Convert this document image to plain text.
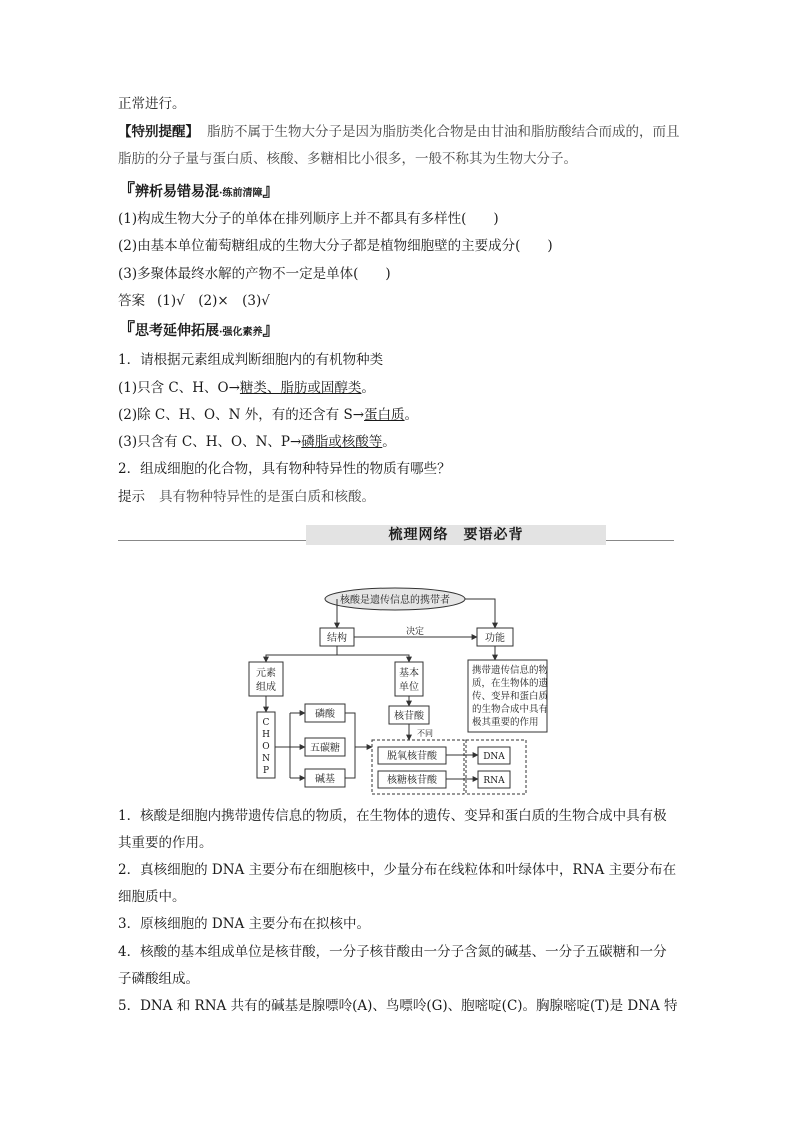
正常进行。
【特别提醒】 脂肪不属于生物大分子是因为脂肪类化合物是由甘油和脂肪酸结合而成的，而且
脂肪的分子量与蛋白质、核酸、多糖相比小很多，一般不称其为生物大分子。
『辨析易错易混·练前清障』
(1)构成生物大分子的单体在排列顺序上并不都具有多样性(　　)
(2)由基本单位葡萄糖组成的生物大分子都是植物细胞壁的主要成分(　　)
(3)多聚体最终水解的产物不一定是单体(　　)
答案 (1)√　(2)×　(3)√
『思考延伸拓展·强化素养』
1．请根据元素组成判断细胞内的有机物种类
(1)只含 C、H、O→糖类、脂肪或固醇类。
(2)除 C、H、O、N 外，有的还含有 S→蛋白质。
(3)只含有 C、H、O、N、P→磷脂或核酸等。
2．组成细胞的化合物，具有物种特异性的物质有哪些？
提示 具有物种特异性的是蛋白质和核酸。
梳理网络　要语必背
核酸是遗传信息的携带者
结构	功能
决定
元素
组成
基本
单位
C
H
O
N
P
磷酸
五碳糖
碱基
核苷酸
不同
脱氧核苷酸
核糖核苷酸
DNA
RNA
携带遗传信息的物
质，在生物体的遗
传、变异和蛋白质
的生物合成中具有
极其重要的作用
1．核酸是细胞内携带遗传信息的物质，在生物体的遗传、变异和蛋白质的生物合成中具有极其重要的作用。
2．真核细胞的 DNA 主要分布在细胞核中，少量分布在线粒体和叶绿体中，RNA 主要分布在细胞质中。
3．原核细胞的 DNA 主要分布在拟核中。
4．核酸的基本组成单位是核苷酸，一分子核苷酸由一分子含氮的碱基、一分子五碳糖和一分子磷酸组成。
5．DNA 和 RNA 共有的碱基是腺嘌呤(A)、鸟嘌呤(G)、胞嘧啶(C)。胸腺嘧啶(T)是 DNA 特
